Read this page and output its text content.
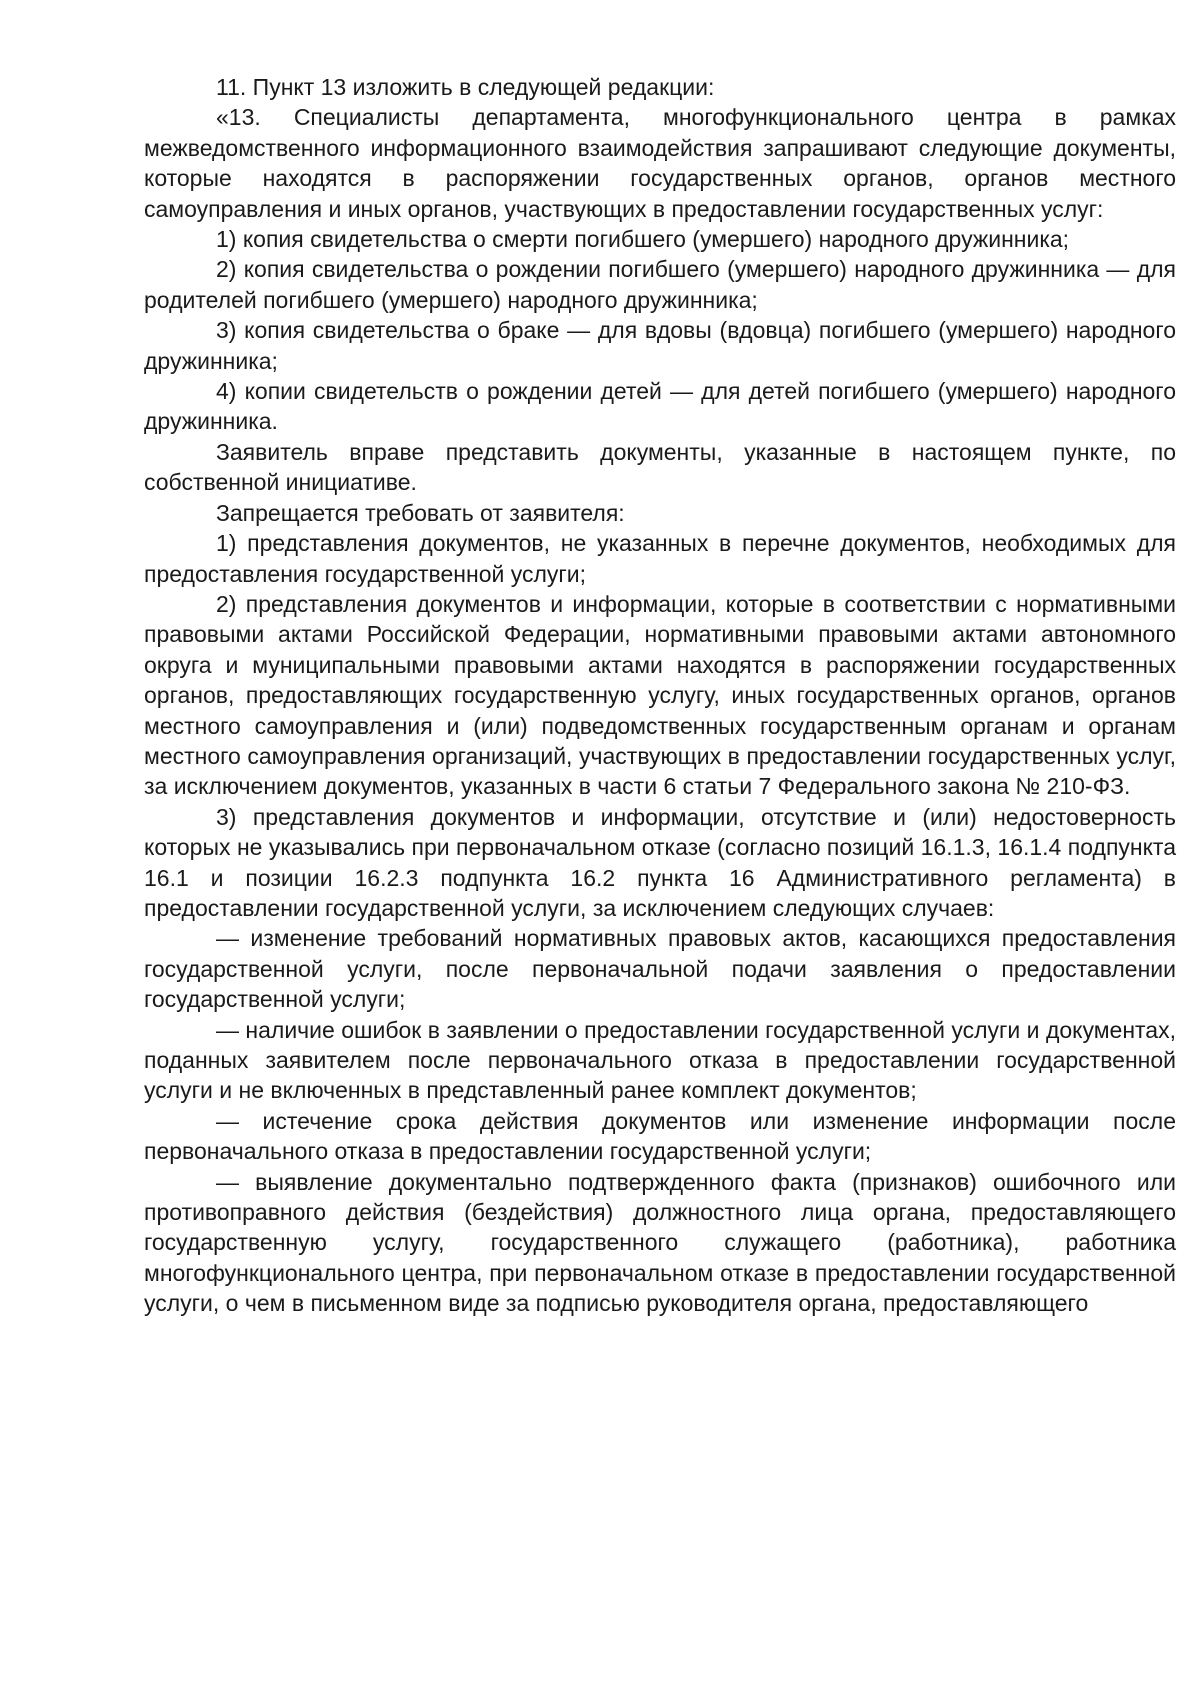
11. Пункт 13 изложить в следующей редакции:

«13. Специалисты департамента, многофункционального центра в рамках межведомственного информационного взаимодействия запрашивают следующие документы, которые находятся в распоряжении государственных органов, органов местного самоуправления и иных органов, участвующих в предоставлении государственных услуг:

1) копия свидетельства о смерти погибшего (умершего) народного дружинника;

2) копия свидетельства о рождении погибшего (умершего) народного дружинника — для родителей погибшего (умершего) народного дружинника;

3) копия свидетельства о браке — для вдовы (вдовца) погибшего (умершего) народного дружинника;

4) копии свидетельств о рождении детей — для детей погибшего (умершего) народного дружинника.

Заявитель вправе представить документы, указанные в настоящем пункте, по собственной инициативе.

Запрещается требовать от заявителя:

1) представления документов, не указанных в перечне документов, необходимых для предоставления государственной услуги;

2) представления документов и информации, которые в соответствии с нормативными правовыми актами Российской Федерации, нормативными правовыми актами автономного округа и муниципальными правовыми актами находятся в распоряжении государственных органов, предоставляющих государственную услугу, иных государственных органов, органов местного самоуправления и (или) подведомственных государственным органам и органам местного самоуправления организаций, участвующих в предоставлении государственных услуг, за исключением документов, указанных в части 6 статьи 7 Федерального закона № 210-ФЗ.

3) представления документов и информации, отсутствие и (или) недостоверность которых не указывались при первоначальном отказе (согласно позиций 16.1.3, 16.1.4 подпункта 16.1 и позиции 16.2.3 подпункта 16.2 пункта 16 Административного регламента) в предоставлении государственной услуги, за исключением следующих случаев:

— изменение требований нормативных правовых актов, касающихся предоставления государственной услуги, после первоначальной подачи заявления о предоставлении государственной услуги;

— наличие ошибок в заявлении о предоставлении государственной услуги и документах, поданных заявителем после первоначального отказа в предоставлении государственной услуги и не включенных в представленный ранее комплект документов;

— истечение срока действия документов или изменение информации после первоначального отказа в предоставлении государственной услуги;

— выявление документально подтвержденного факта (признаков) ошибочного или противоправного действия (бездействия) должностного лица органа, предоставляющего государственную услугу, государственного служащего (работника), работника многофункционального центра, при первоначальном отказе в предоставлении государственной услуги, о чем в письменном виде за подписью руководителя органа, предоставляющего
